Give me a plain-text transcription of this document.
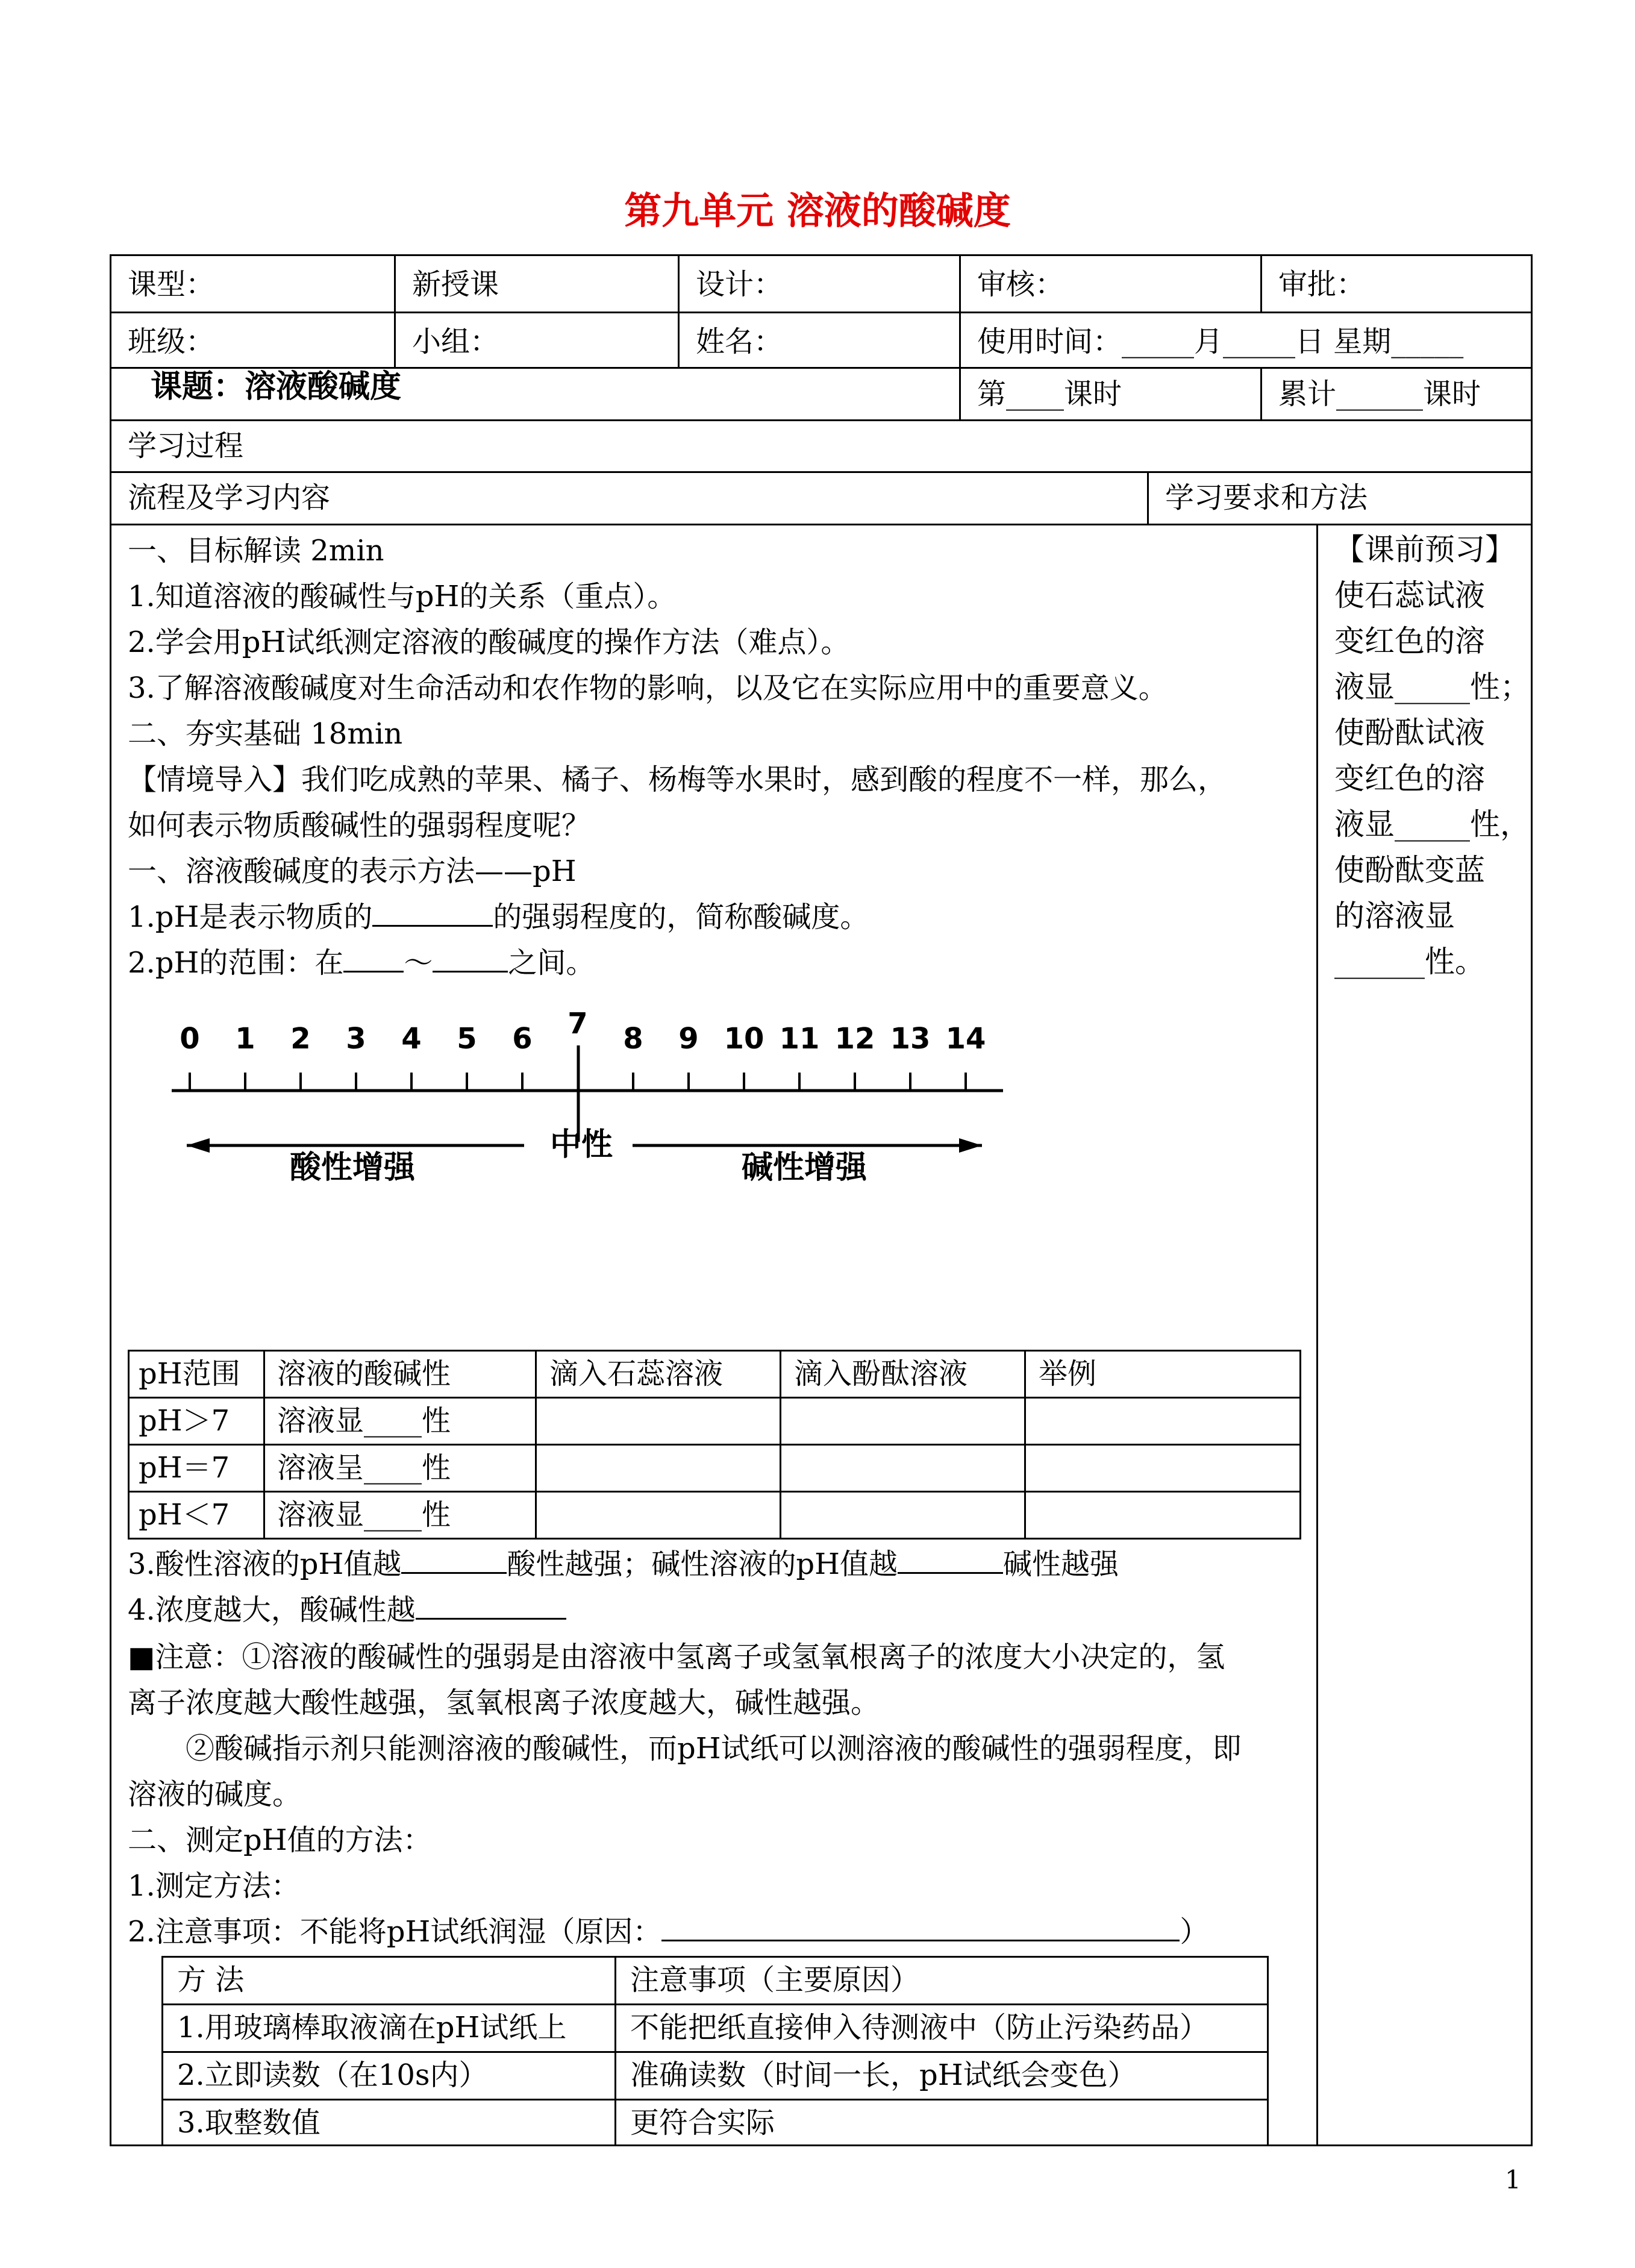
第九单元 溶液的酸碱度
课型：	新授课	设计：	审核：	审批：
班级：	小组：	姓名：	使用时间：_____月_____日 星期_____
课题：溶液酸碱度	第____课时	累计______课时
学习过程
流程及学习内容	学习要求和方法
【课前预习】
使石蕊试液
变红色的溶
液显_____性；
使酚酞试液
变红色的溶
液显_____性，
使酚酞变蓝
的溶液显
______性。
一、目标解读 2min
1.知道溶液的酸碱性与pH的关系（重点）。
2.学会用pH试纸测定溶液的酸碱度的操作方法（难点）。
3.了解溶液酸碱度对生命活动和农作物的影响，以及它在实际应用中的重要意义。
二、夯实基础 18min
【情境导入】我们吃成熟的苹果、橘子、杨梅等水果时，感到酸的程度不一样，那么，
如何表示物质酸碱性的强弱程度呢？
一、溶液酸碱度的表示方法——pH
1.pH是表示物质的	的强弱程度的，简称酸碱度。
2.pH的范围：在 ～	之间。
0 1 2 3 4 5 6 7 8 9 10 11 12 13 14
酸性增强
中性
碱性增强
pH范围 溶液的酸碱性	滴入石蕊溶液 滴入酚酞溶液 举例
pH＞7 溶液显____性
pH＝7 溶液呈____性
pH＜7 溶液显____性
3.酸性溶液的pH值越	酸性越强；碱性溶液的pH值越	碱性越强
4.浓度越大，酸碱性越
■注意：①溶液的酸碱性的强弱是由溶液中氢离子或氢氧根离子的浓度大小决定的，氢
离子浓度越大酸性越强，氢氧根离子浓度越大，碱性越强。
②酸碱指示剂只能测溶液的酸碱性，而pH试纸可以测溶液的酸碱性的强弱程度，即
溶液的碱度。
二、测定pH值的方法：
1.测定方法：
2.注意事项：不能将pH试纸润湿（原因：	）
方 法	注意事项（主要原因）
1.用玻璃棒取液滴在pH试纸上 不能把纸直接伸入待测液中（防止污染药品）
2.立即读数（在10s内）	准确读数（时间一长，pH试纸会变色）
3.取整数值	更符合实际
1
